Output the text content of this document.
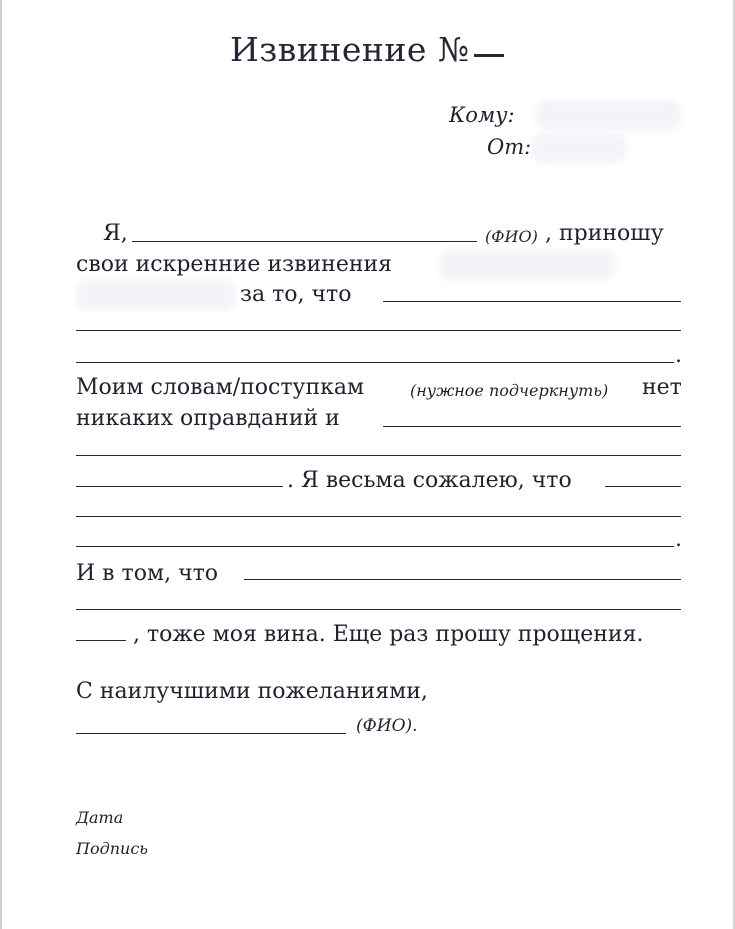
Извинение №
Кому:
От:
Я,	(ФИО) , приношу
свои искренние извинения
за то, что
.
Моим словам/поступкам	(нужное подчеркнуть) нет
никаких оправданий и
. Я весьма сожалею, что
.
И в том, что
, тоже моя вина. Еще раз прошу прощения.
С наилучшими пожеланиями,
(ФИО).
Дата
Подпись
